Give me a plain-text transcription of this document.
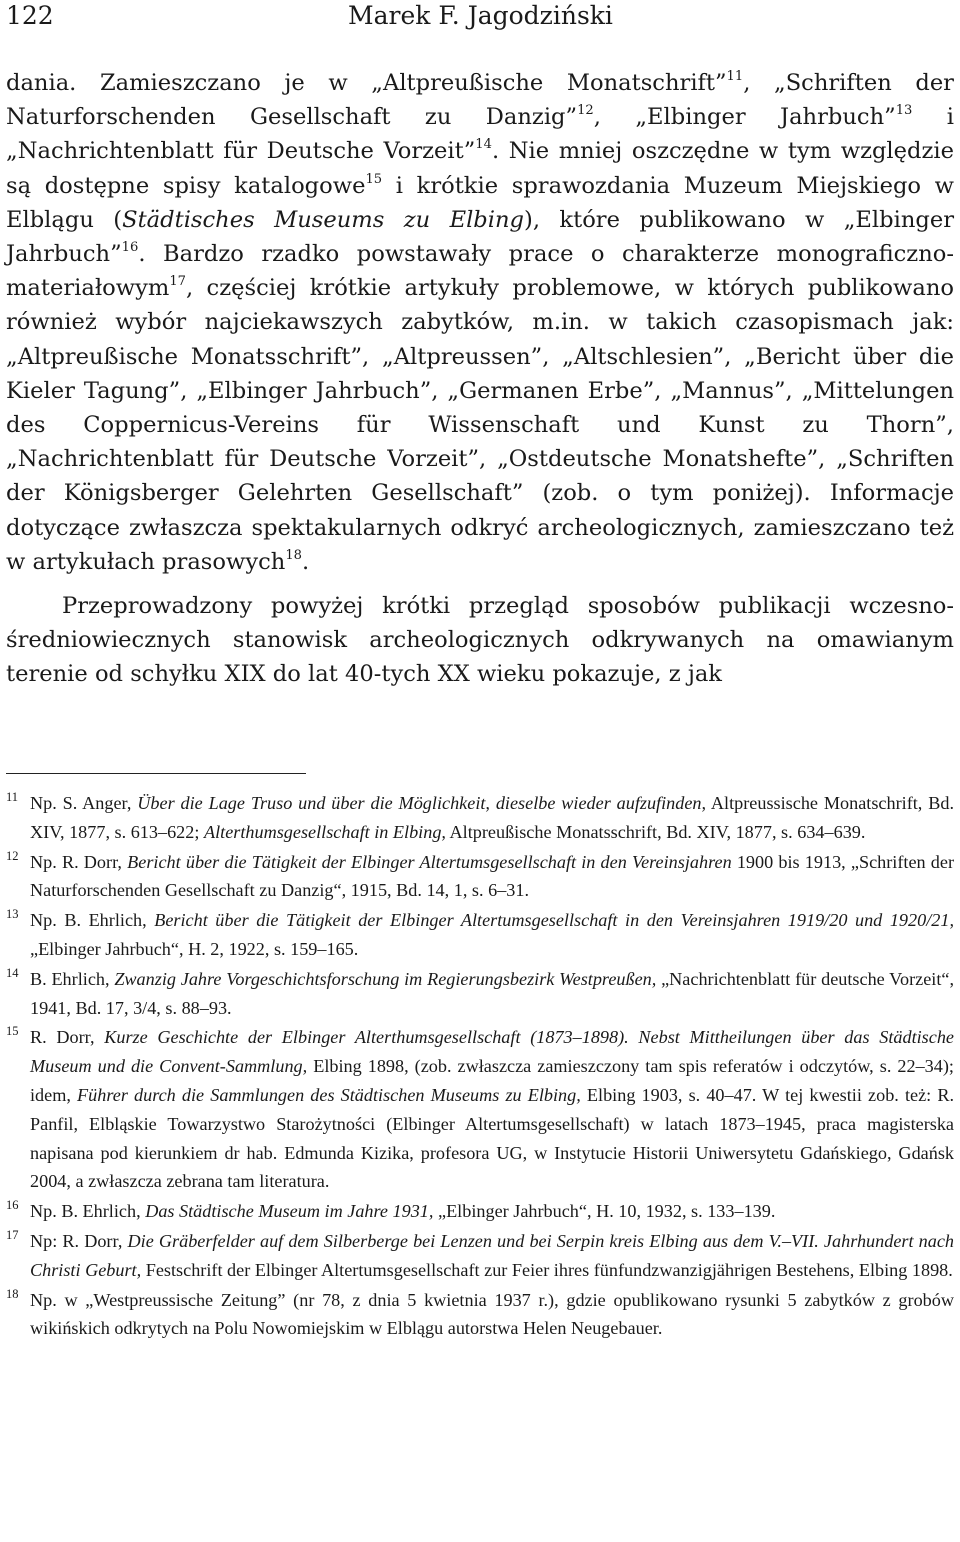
122	Marek F. Jagodziński

dania. Zamieszczano je w „Altpreußische Monatschrift”$^{11}$, „Schriften der Naturforschenden Gesellschaft zu Danzig”$^{12}$, „Elbinger Jahrbuch”$^{13}$ i „Nachrichtenblatt für Deutsche Vorzeit”$^{14}$. Nie mniej oszczędne w tym względzie są dostępne spisy katalogowe$^{15}$ i krótkie sprawozdania Muzeum Miejskiego w Elblągu (Städtisches Museums zu Elbing), które publikowano w „Elbinger Jahrbuch”$^{16}$. Bardzo rzadko powstawały prace o charakterze monograficzno-materiałowym$^{17}$, częściej krótkie artykuły problemowe, w których publikowano również wybór najciekawszych zabytków, m.in. w takich czasopismach jak: „Altpreußische Monatsschrift”, „Altpreussen”, „Altschlesien”, „Bericht über die Kieler Tagung”, „Elbinger Jahrbuch”, „Germanen Erbe”, „Mannus”, „Mittelungen des Coppernicus-Vereins für Wissenschaft und Kunst zu Thorn”, „Nachrichtenblatt für Deutsche Vorzeit”, „Ostdeutsche Monatshefte”, „Schriften der Königsberger Gelehrten Gesellschaft” (zob. o tym poniżej). Informacje dotyczące zwłaszcza spektakularnych odkryć archeologicznych, zamieszczano też w artykułach prasowych$^{18}$.

Przeprowadzony powyżej krótki przegląd sposobów publikacji wczesnośredniowiecznych stanowisk archeologicznych odkrywanych na omawianym terenie od schyłku XIX do lat 40-tych XX wieku pokazuje, z jak

11 Np. S. Anger, Über die Lage Truso und über die Möglichkeit, dieselbe wieder aufzufinden, Altpreussische Monatschrift, Bd. XIV, 1877, s. 613–622; Alterthumsgesellschaft in Elbing, Altpreußische Monatsschrift, Bd. XIV, 1877, s. 634–639.
12 Np. R. Dorr, Bericht über die Tätigkeit der Elbinger Altertumsgesellschaft in den Vereinsjahren 1900 bis 1913, „Schriften der Naturforschenden Gesellschaft zu Danzig“, 1915, Bd. 14, 1, s. 6–31.
13 Np. B. Ehrlich, Bericht über die Tätigkeit der Elbinger Altertumsgesellschaft in den Vereinsjahren 1919/20 und 1920/21, „Elbinger Jahrbuch“, H. 2, 1922, s. 159–165.
14 B. Ehrlich, Zwanzig Jahre Vorgeschichtsforschung im Regierungsbezirk Westpreußen, „Nachrichtenblatt für deutsche Vorzeit“, 1941, Bd. 17, 3/4, s. 88–93.
15 R. Dorr, Kurze Geschichte der Elbinger Alterthumsgesellschaft (1873–1898). Nebst Mittheilungen über das Städtische Museum und die Convent-Sammlung, Elbing 1898, (zob. zwłaszcza zamieszczony tam spis referatów i odczytów, s. 22–34); idem, Führer durch die Sammlungen des Städtischen Museums zu Elbing, Elbing 1903, s. 40–47. W tej kwestii zob. też: R. Panfil, Elbląskie Towarzystwo Starożytności (Elbinger Altertumsgesellschaft) w latach 1873–1945, praca magisterska napisana pod kierunkiem dr hab. Edmunda Kizika, profesora UG, w Instytucie Historii Uniwersytetu Gdańskiego, Gdańsk 2004, a zwłaszcza zebrana tam literatura.
16 Np. B. Ehrlich, Das Städtische Museum im Jahre 1931, „Elbinger Jahrbuch“, H. 10, 1932, s. 133–139.
17 Np: R. Dorr, Die Gräberfelder auf dem Silberberge bei Lenzen und bei Serpin kreis Elbing aus dem V.–VII. Jahrhundert nach Christi Geburt, Festschrift der Elbinger Altertumsgesellschaft zur Feier ihres fünfundzwanzigjährigen Bestehens, Elbing 1898.
18 Np. w „Westpreussische Zeitung” (nr 78, z dnia 5 kwietnia 1937 r.), gdzie opublikowano rysunki 5 zabytków z grobów wikińskich odkrytych na Polu Nowomiejskim w Elblągu autorstwa Helen Neugebauer.
